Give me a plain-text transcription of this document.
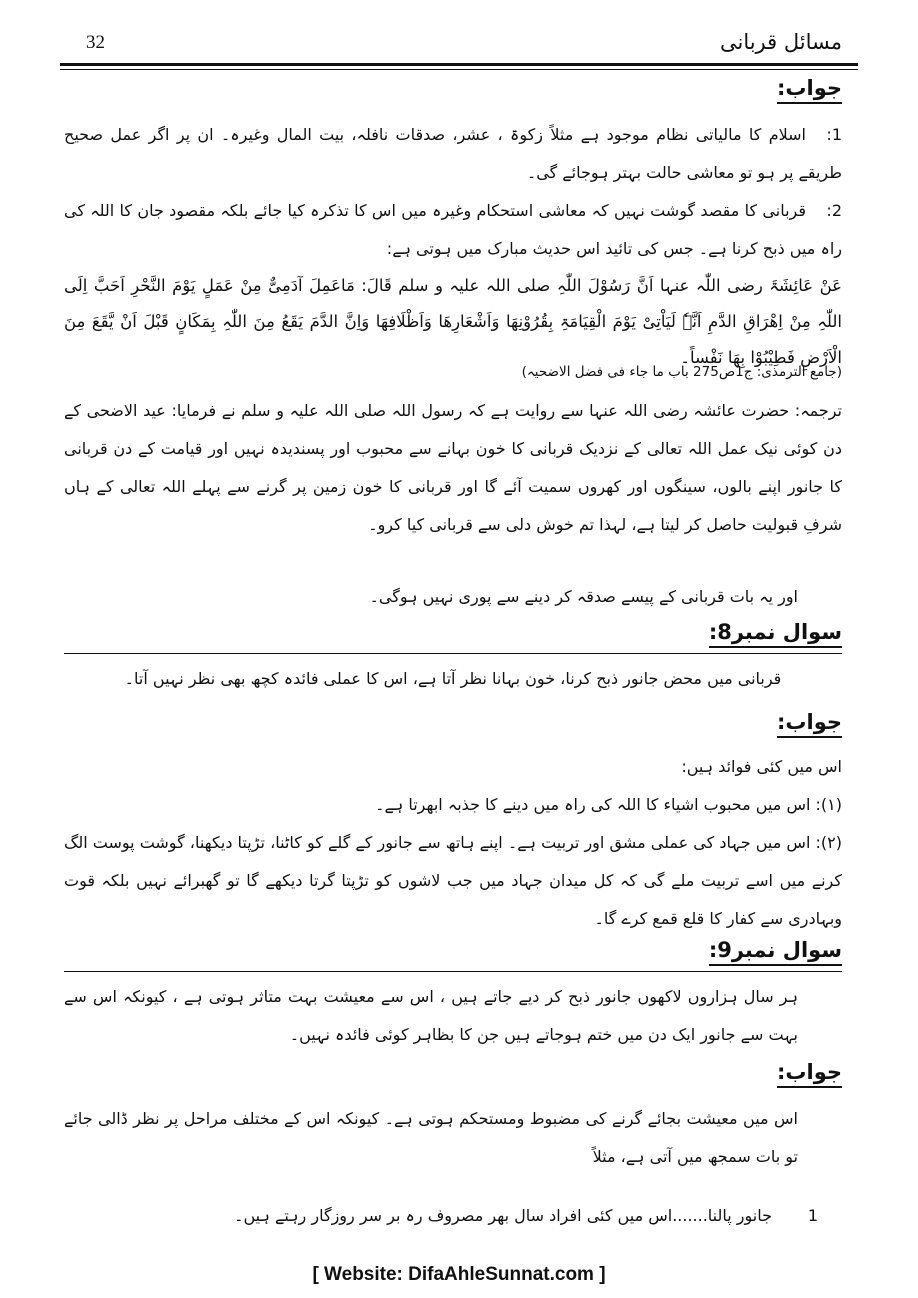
مسائل قربانی
32
جواب:
1:اسلام کا مالیاتی نظام موجود ہے مثلاً زکوۃ ، عشر، صدقات نافلہ، بیت المال وغیرہ۔ ان پر اگر عمل صحیح طریقے پر ہو تو معاشی حالت بہتر ہوجائے گی۔
2:قربانی کا مقصد گوشت نہیں کہ معاشی استحکام وغیرہ میں اس کا تذکرہ کیا جائے بلکہ مقصود جان کا اللہ کی راہ میں ذبح کرنا ہے۔ جس کی تائید اس حدیث مبارک میں ہوتی ہے:
عَنْ عَائِشَۃَ رضی اللّٰہ عنہا اَنَّ رَسُوْلَ اللّٰہِ صلی اللہ علیہ و سلم قَالَ: مَاعَمِلَ آدَمِیٌّ مِنْ عَمَلٍ یَوْمَ النَّحْرِ اَحَبَّ اِلَی اللّٰہِ مِنْ اِھْرَاقِ الدَّمِ اَنَّہٗ لَیَاْتِیْ یَوْمَ الْقِیَامَۃِ بِقُرُوْنِھَا وَاَشْعَارِھَا وَاَظْلَافِھَا وَاِنَّ الدَّمَ یَقَعُ مِنَ اللّٰہِ بِمَکَانٍ قَبْلَ اَنْ یَّقَعَ مِنَ الْاَرْضِ فَطِیْبُوْا بِھَا نَفْساً۔
(جامع الترمذی: ج1ص275 باب ما جاء فی فضل الاضحیہ)
ترجمہ: حضرت عائشہ رضی اللہ عنہا سے روایت ہے کہ رسول اللہ صلی اللہ علیہ و سلم نے فرمایا: عید الاضحی کے دن کوئی نیک عمل اللہ تعالی کے نزدیک قربانی کا خون بہانے سے محبوب اور پسندیدہ نہیں اور قیامت کے دن قربانی کا جانور اپنے بالوں، سینگوں اور کھروں سمیت آئے گا اور قربانی کا خون زمین پر گرنے سے پہلے اللہ تعالی کے ہاں شرفِ قبولیت حاصل کر لیتا ہے، لہذا تم خوش دلی سے قربانی کیا کرو۔
اور یہ بات قربانی کے پیسے صدقہ کر دینے سے پوری نہیں ہوگی۔
سوال نمبر8:
قربانی میں محض جانور ذبح کرنا، خون بہانا نظر آتا ہے، اس کا عملی فائدہ کچھ بھی نظر نہیں آتا۔
جواب:
اس میں کئی فوائد ہیں:
(۱): اس میں محبوب اشیاء کا اللہ کی راہ میں دینے کا جذبہ ابھرتا ہے۔
(۲): اس میں جہاد کی عملی مشق اور تربیت ہے۔ اپنے ہاتھ سے جانور کے گلے کو کاٹنا، تڑپتا دیکھنا، گوشت پوست الگ کرنے میں اسے تربیت ملے گی کہ کل میدان جہاد میں جب لاشوں کو تڑپتا گرتا دیکھے گا تو گھبرائے نہیں بلکہ قوت وبہادری سے کفار کا قلع قمع کرے گا۔
سوال نمبر9:
ہر سال ہزاروں لاکھوں جانور ذبح کر دیے جاتے ہیں ، اس سے معیشت بہت متاثر ہوتی ہے ، کیونکہ اس سے بہت سے جانور ایک دن میں ختم ہوجاتے ہیں جن کا بظاہر کوئی فائدہ نہیں۔
جواب:
اس میں معیشت بجائے گرنے کی مضبوط ومستحکم ہوتی ہے۔ کیونکہ اس کے مختلف مراحل پر نظر ڈالی جائے تو بات سمجھ میں آتی ہے، مثلاً
1جانور پالنا.......اس میں کئی افراد سال بھر مصروف رہ بر سر روزگار رہتے ہیں۔
[ Website: DifaAhleSunnat.com ]
